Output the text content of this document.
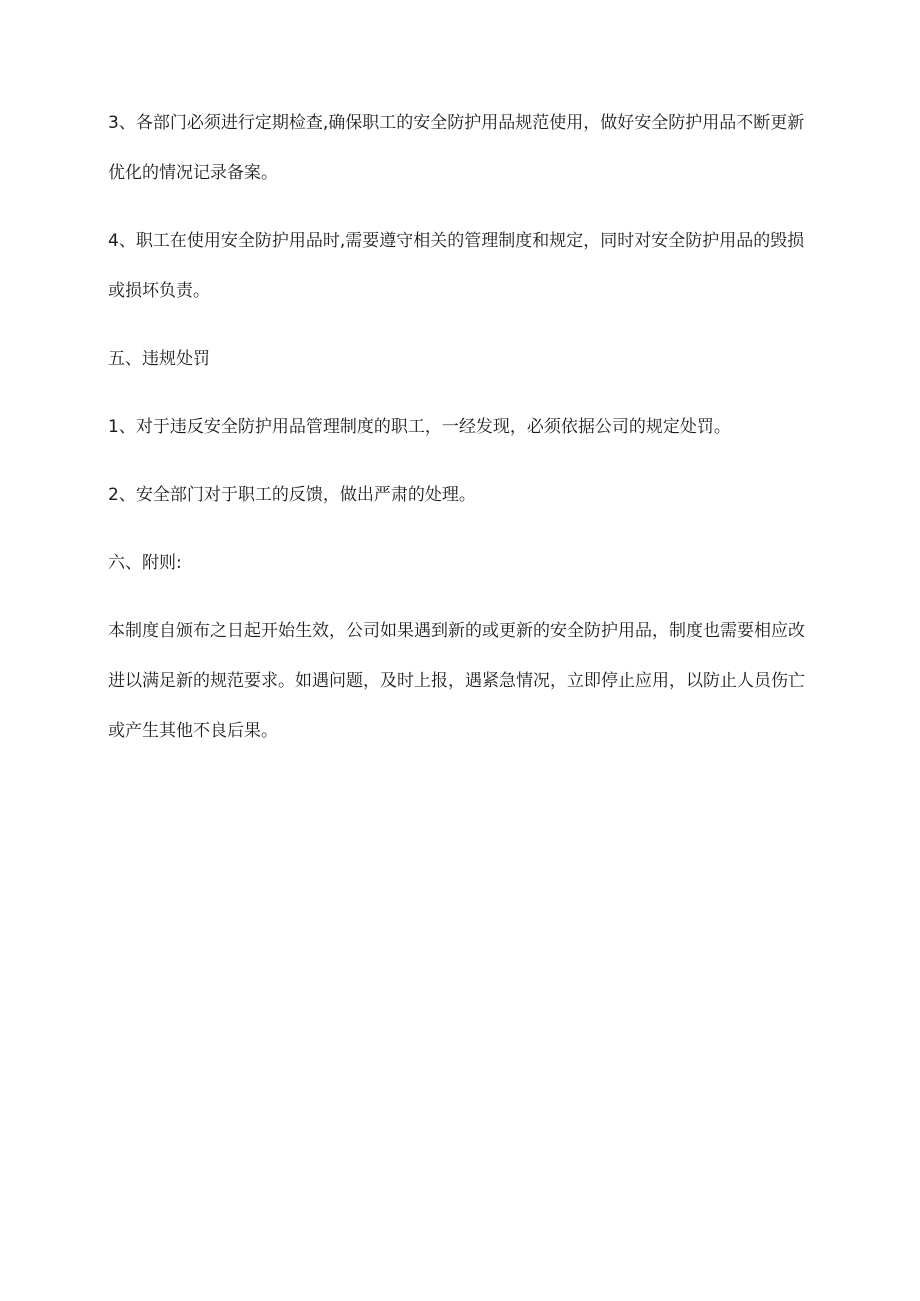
3、各部门必须进行定期检查,确保职工的安全防护用品规范使用，做好安全防护用品不断更新优化的情况记录备案。

4、职工在使用安全防护用品时,需要遵守相关的管理制度和规定，同时对安全防护用品的毁损或损坏负责。

五、违规处罚

1、对于违反安全防护用品管理制度的职工，一经发现，必须依据公司的规定处罚。

2、安全部门对于职工的反馈，做出严肃的处理。

六、附则:

本制度自颁布之日起开始生效，公司如果遇到新的或更新的安全防护用品，制度也需要相应改进以满足新的规范要求。如遇问题，及时上报，遇紧急情况，立即停止应用，以防止人员伤亡或产生其他不良后果。
